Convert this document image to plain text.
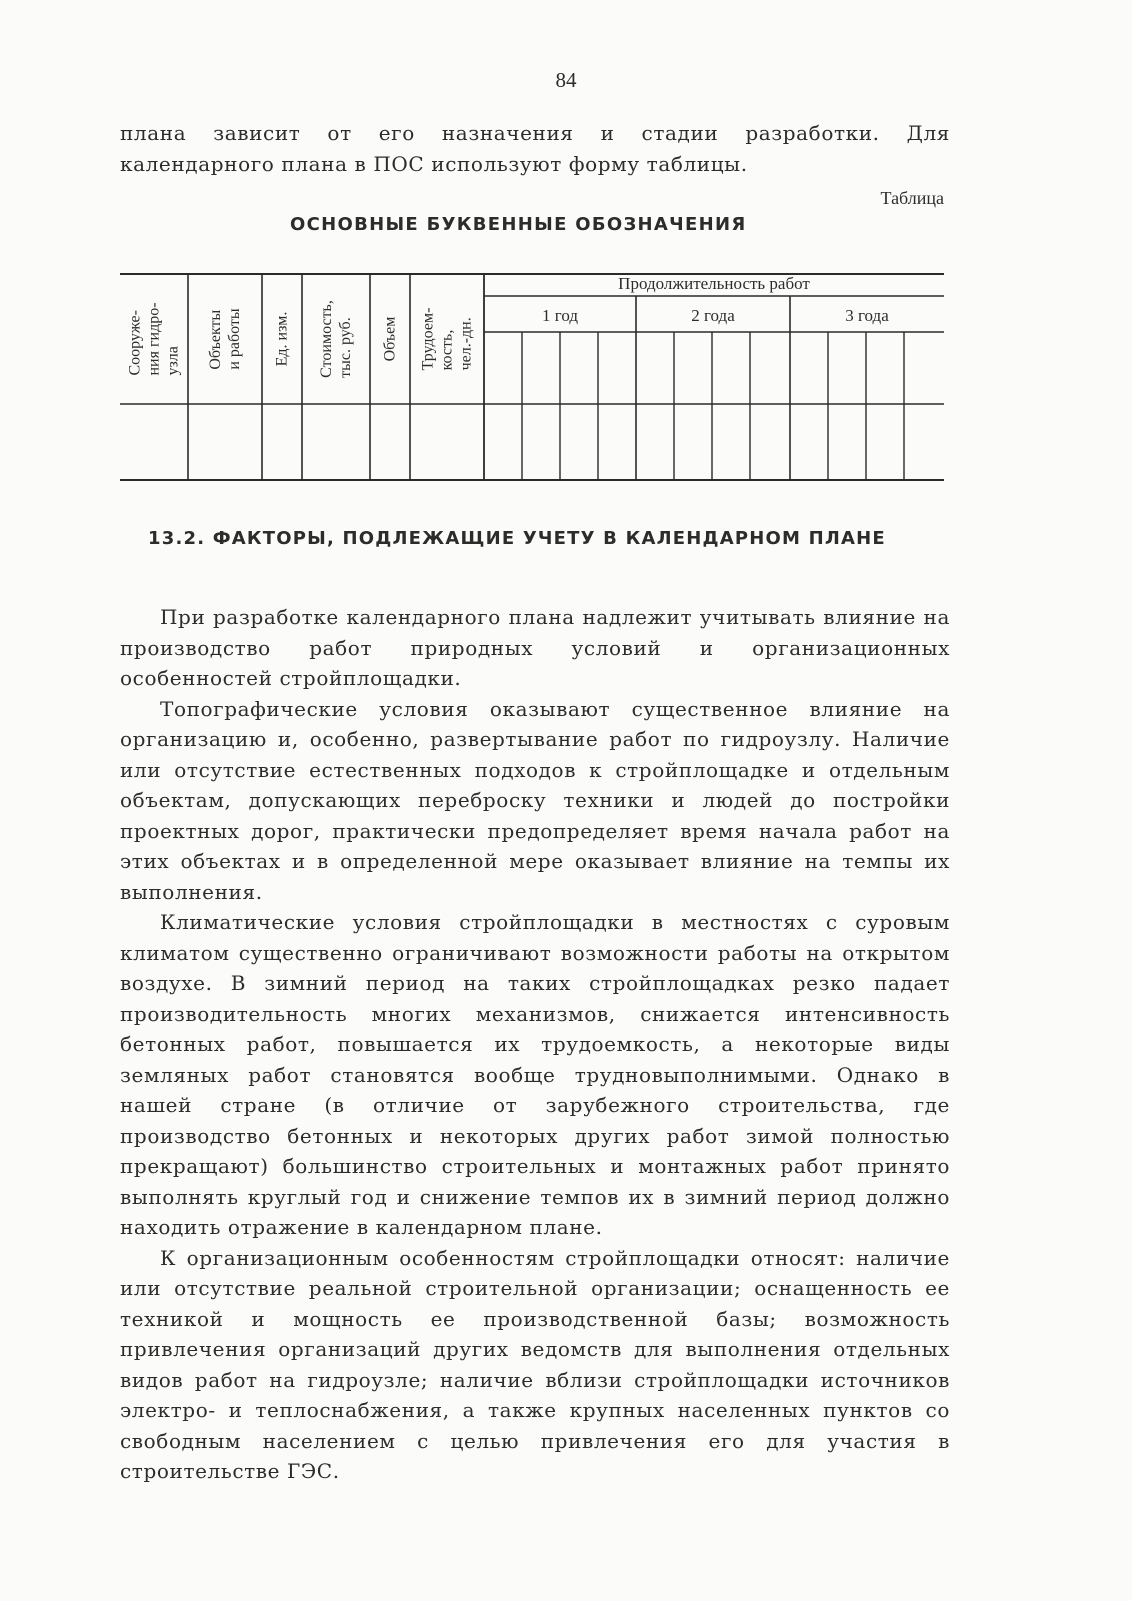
84

плана зависит от его назначения и стадии разработки. Для календарного плана в ПОС используют форму таблицы.

Таблица
ОСНОВНЫЕ БУКВЕННЫЕ ОБОЗНАЧЕНИЯ
Сооруже-
ния гидро-
узла Объекты
и работы Ед. изм. Стоимость,
тыс. руб. Объем Трудоем-
кость,
чел.-дн.
Продолжительность работ
1 год	2 года	3 года
13.2. ФАКТОРЫ, ПОДЛЕЖАЩИЕ УЧЕТУ В КАЛЕНДАРНОМ ПЛАНЕ

При разработке календарного плана надлежит учитывать влияние на производство работ природных условий и организационных особенностей стройплощадки.

Топографические условия оказывают существенное влияние на организацию и, особенно, развертывание работ по гидроузлу. Наличие или отсутствие естественных подходов к стройплощадке и отдельным объектам, допускающих переброску техники и людей до постройки проектных дорог, практически предопределяет время начала работ на этих объектах и в определенной мере оказывает влияние на темпы их выполнения.

Климатические условия стройплощадки в местностях с суровым климатом существенно ограничивают возможности работы на открытом воздухе. В зимний период на таких стройплощадках резко падает производительность многих механизмов, снижается интенсивность бетонных работ, повышается их трудоемкость, а некоторые виды земляных работ становятся вообще трудновыполнимыми. Однако в нашей стране (в отличие от зарубежного строительства, где производство бетонных и некоторых других работ зимой полностью прекращают) большинство строительных и монтажных работ принято выполнять круглый год и снижение темпов их в зимний период должно находить отражение в календарном плане.

К организационным особенностям стройплощадки относят: наличие или отсутствие реальной строительной организации; оснащенность ее техникой и мощность ее производственной базы; возможность привлечения организаций других ведомств для выполнения отдельных видов работ на гидроузле; наличие вблизи стройплощадки источников электро- и теплоснабжения, а также крупных населенных пунктов со свободным населением с целью привлечения его для участия в строительстве ГЭС.
